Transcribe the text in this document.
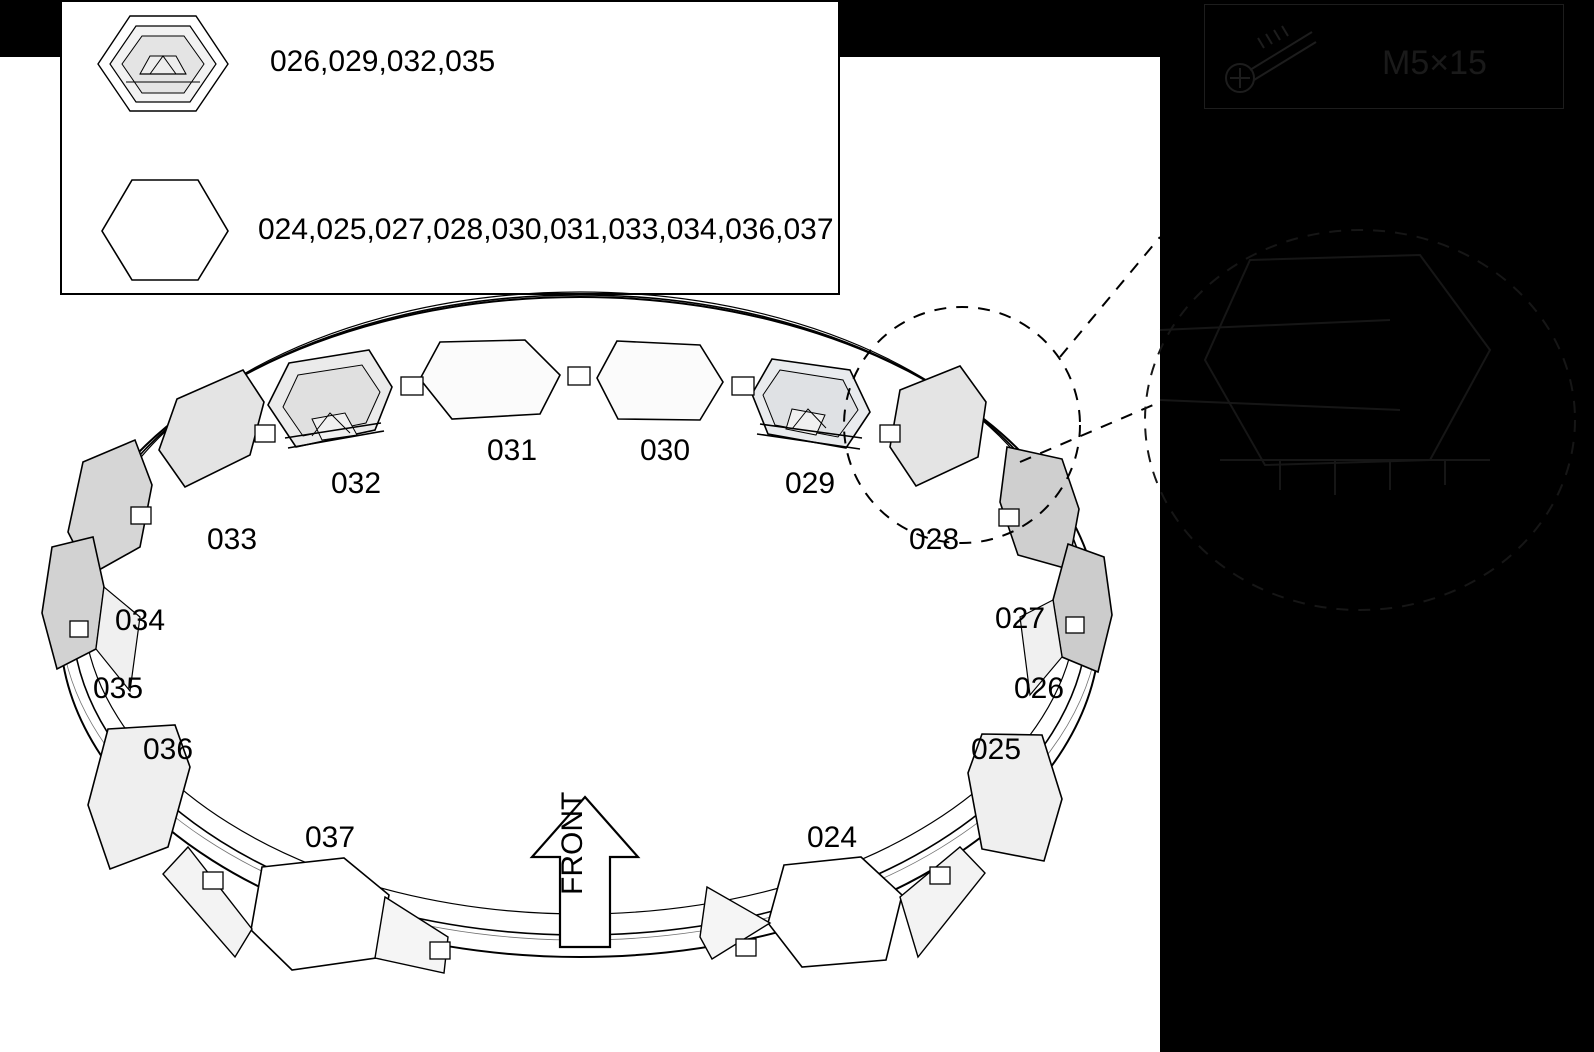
026,029,032,035
024,025,027,028,030,031,033,034,036,037
FRONT
031	030
032	029
033	028
034	027
035	026
036	025
037	024
M5×15
